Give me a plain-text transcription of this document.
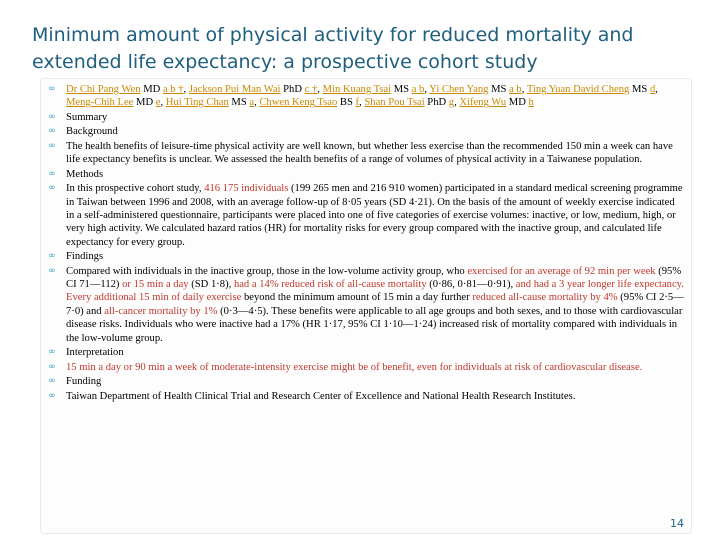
Minimum amount of physical activity for reduced mortality and
extended life expectancy: a prospective cohort study
∞ Dr Chi Pang Wen MD a b †, Jackson Pui Man Wai PhD c †, Min Kuang Tsai MS a b, Yi Chen Yang MS a b, Ting Yuan David Cheng MS d, Meng-Chih Lee MD e, Hui Ting Chan MS a, Chwen Keng Tsao BS f, Shan Pou Tsai PhD g, Xifeng Wu MD h
∞ Summary
∞ Background
∞ The health benefits of leisure-time physical activity are well known, but whether less exercise than the recommended 150 min a week can have life expectancy benefits is unclear. We assessed the health benefits of a range of volumes of physical activity in a Taiwanese population.
∞ Methods
∞ In this prospective cohort study, 416 175 individuals (199 265 men and 216 910 women) participated in a standard medical screening programme in Taiwan between 1996 and 2008, with an average follow-up of 8·05 years (SD 4·21). On the basis of the amount of weekly exercise indicated in a self-administered questionnaire, participants were placed into one of five categories of exercise volumes: inactive, or low, medium, high, or very high activity. We calculated hazard ratios (HR) for mortality risks for every group compared with the inactive group, and calculated life expectancy for every group.
∞ Findings
∞ Compared with individuals in the inactive group, those in the low-volume activity group, who exercised for an average of 92 min per week (95% CI 71—112) or 15 min a day (SD 1·8), had a 14% reduced risk of all-cause mortality (0·86, 0·81—0·91), and had a 3 year longer life expectancy. Every additional 15 min of daily exercise beyond the minimum amount of 15 min a day further reduced all-cause mortality by 4% (95% CI 2·5—7·0) and all-cancer mortality by 1% (0·3—4·5). These benefits were applicable to all age groups and both sexes, and to those with cardiovascular disease risks. Individuals who were inactive had a 17% (HR 1·17, 95% CI 1·10—1·24) increased risk of mortality compared with individuals in the low-volume group.
∞ Interpretation
∞ 15 min a day or 90 min a week of moderate-intensity exercise might be of benefit, even for individuals at risk of cardiovascular disease.
∞ Funding
∞ Taiwan Department of Health Clinical Trial and Research Center of Excellence and National Health Research Institutes.
14
